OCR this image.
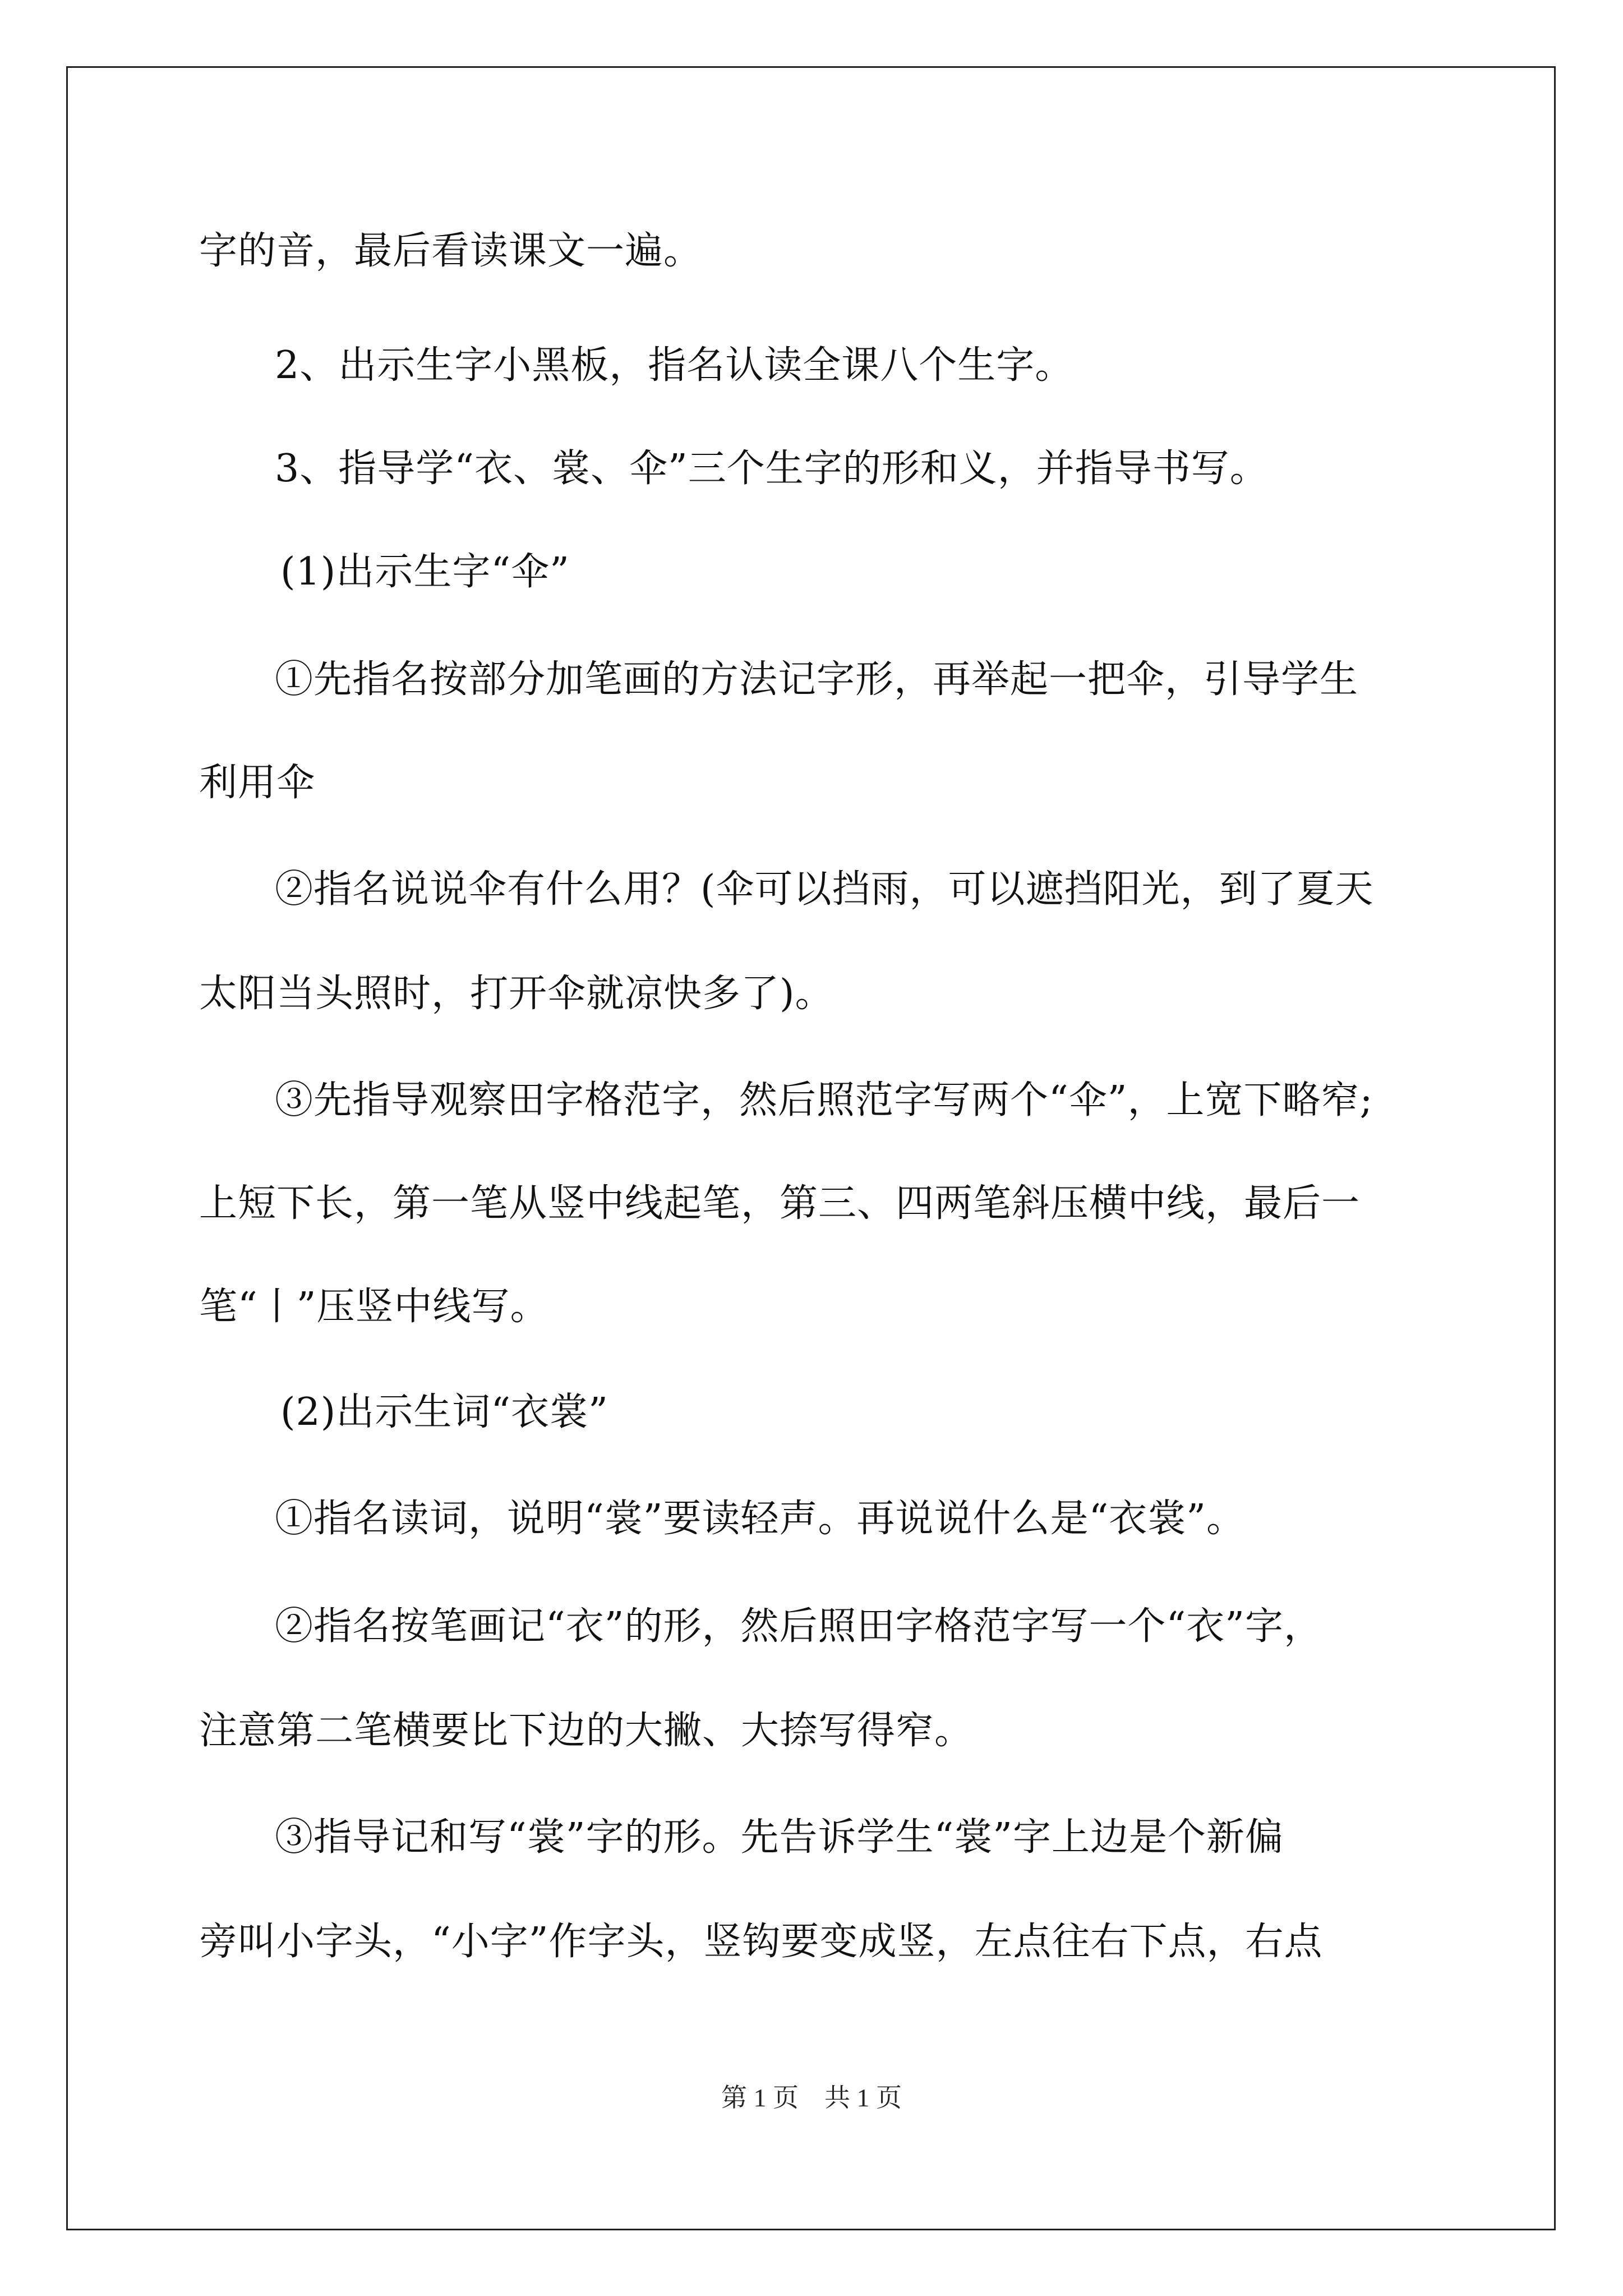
字的音，最后看读课文一遍。
2、出示生字小黑板，指名认读全课八个生字。
3、指导学“衣、裳、伞”三个生字的形和义，并指导书写。
(1)出示生字“伞”
①先指名按部分加笔画的方法记字形，再举起一把伞，引导学生
利用伞
②指名说说伞有什么用？(伞可以挡雨，可以遮挡阳光，到了夏天
太阳当头照时，打开伞就凉快多了)。
③先指导观察田字格范字，然后照范字写两个“伞”，上宽下略窄;
上短下长，第一笔从竖中线起笔，第三、四两笔斜压横中线，最后一
笔“丨”压竖中线写。
(2)出示生词“衣裳”
①指名读词，说明“裳”要读轻声。再说说什么是“衣裳”。
②指名按笔画记“衣”的形，然后照田字格范字写一个“衣”字，
注意第二笔横要比下边的大撇、大捺写得窄。
③指导记和写“裳”字的形。先告诉学生“裳”字上边是个新偏
旁叫小字头，“小字”作字头，竖钩要变成竖，左点往右下点，右点
第 1 页　共 1 页
